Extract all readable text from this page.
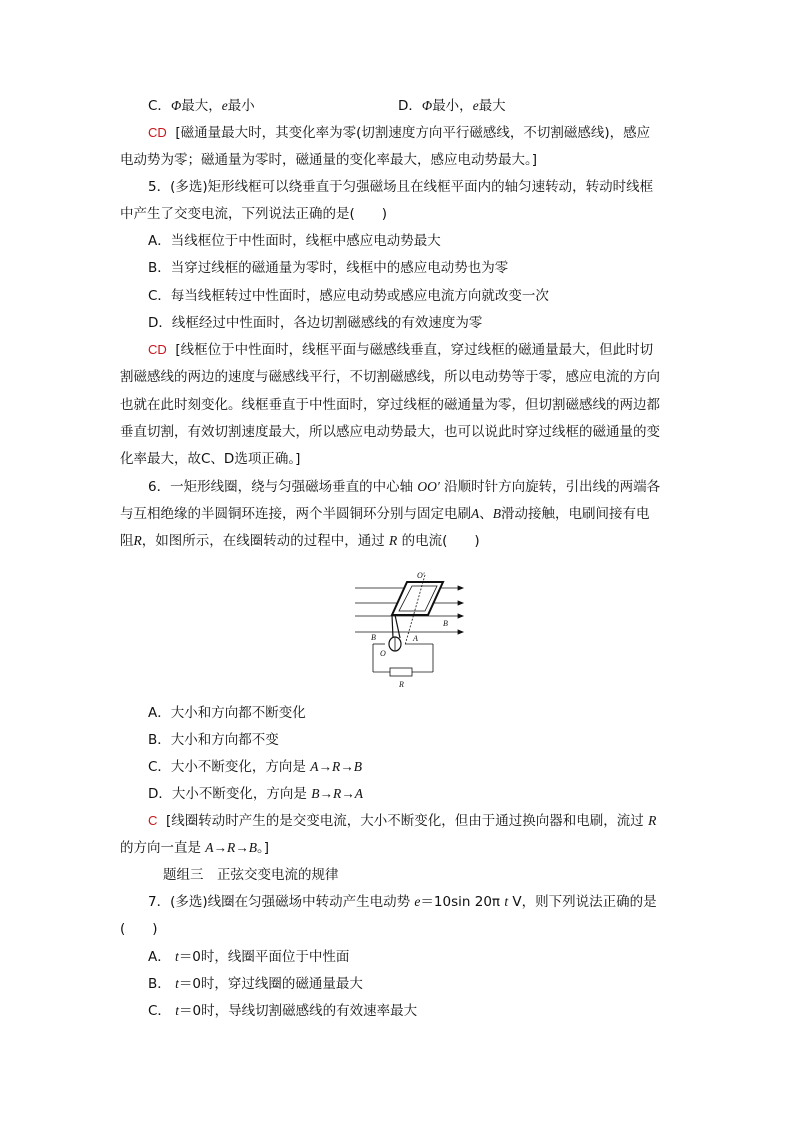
C．Φ最大，e最小	D．Φ最小，e最大
CD [磁通量最大时，其变化率为零(切割速度方向平行磁感线，不切割磁感线)，感应
电动势为零；磁通量为零时，磁通量的变化率最大，感应电动势最大。]
5．(多选)矩形线框可以绕垂直于匀强磁场且在线框平面内的轴匀速转动，转动时线框
中产生了交变电流，下列说法正确的是(　　)
A．当线框位于中性面时，线框中感应电动势最大
B．当穿过线框的磁通量为零时，线框中的感应电动势也为零
C．每当线框转过中性面时，感应电动势或感应电流方向就改变一次
D．线框经过中性面时，各边切割磁感线的有效速度为零
CD [线框位于中性面时，线框平面与磁感线垂直，穿过线框的磁通量最大，但此时切
割磁感线的两边的速度与磁感线平行，不切割磁感线，所以电动势等于零，感应电流的方向
也就在此时刻变化。线框垂直于中性面时，穿过线框的磁通量为零，但切割磁感线的两边都
垂直切割，有效切割速度最大，所以感应电动势最大，也可以说此时穿过线框的磁通量的变
化率最大，故C、D选项正确。]
6．一矩形线圈，绕与匀强磁场垂直的中心轴 OO′ 沿顺时针方向旋转，引出线的两端各
与互相绝缘的半圆铜环连接，两个半圆铜环分别与固定电刷A、B滑动接触，电刷间接有电
阻R，如图所示，在线圈转动的过程中，通过 R 的电流(　　)
O′
B
B	A
O
R
A．大小和方向都不断变化
B．大小和方向都不变
C．大小不断变化，方向是 A→R→B
D．大小不断变化，方向是 B→R→A
C [线圈转动时产生的是交变电流，大小不断变化，但由于通过换向器和电刷，流过 R
的方向一直是 A→R→B。]
题组三　正弦交变电流的规律
7．(多选)线圈在匀强磁场中转动产生电动势 e＝10sin 20π t V，则下列说法正确的是
(　　)
A． t＝0时，线圈平面位于中性面
B． t＝0时，穿过线圈的磁通量最大
C． t＝0时，导线切割磁感线的有效速率最大
